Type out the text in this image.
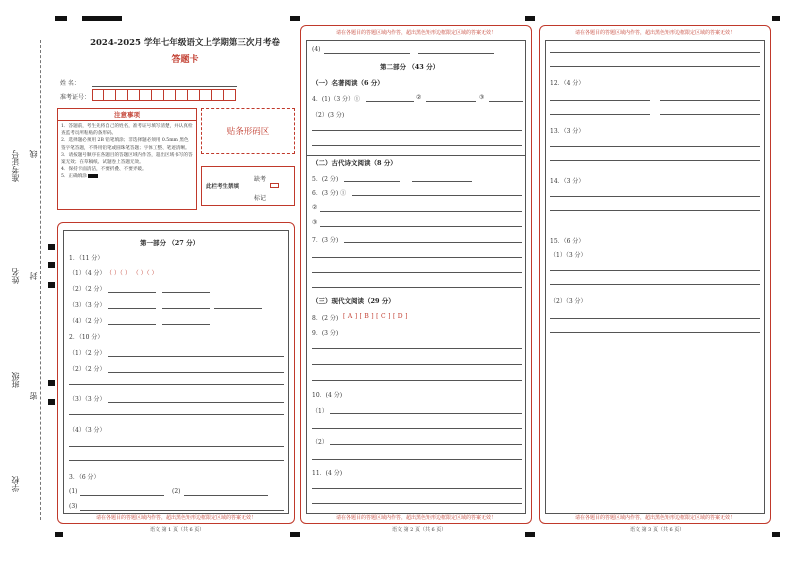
准考证号 线
姓名 封
班级
密
学校
2024-2025 学年七年级语文上学期第三次月考卷
答题卡
姓 名：
准考证号：
注意事项
1．答题前，考生先将自己的姓名，准考证号填写清楚，并认真检查监考员所粘贴的条形码。
2．选择题必须用 2B 铅笔填涂；非选择题必须用 0.5mm 黑色签字笔答题，不得用铅笔或圆珠笔答题；字体工整、笔迹清晰。
3．请按题号顺序在各题目的答题区域内作答，超出区域书写的答案无效；在草稿纸、试题卷上答题无效。
4．保持卡面清洁，不要折叠、不要弄破。
5．正确填涂
贴条形码区
此栏考生禁填
缺考
标记
请在各题目的答题区域内作答，超出黑色矩形边框限定区域的答案无效！
第一部分 （27 分）
1．（11 分）
（1）（4 分） （ ）（ ） （ ）（ ）
（2）（2 分）
（3）（3 分）
（4）（2 分）
2．（10 分）
（1）（2 分）
（2）（2 分）
（3）（3 分）
（4）（3 分）
3．（6 分）
(1)	(2)
(3)
语文 第 1 页（共 6 页）
请在各题目的答题区域内作答，超出黑色矩形边框限定区域的答案无效！
请在各题目的答题区域内作答，超出黑色矩形边框限定区域的答案无效！
(4)
第二部分 （43 分）
（一）名著阅读（6 分）
4．(1)（3 分）①	②	③
（2）(3 分)
（二）古代诗文阅读（8 分）
5．(2 分)
6．(3 分) ①
②
③
7．(3 分)
（三）现代文阅读（29 分）
8．(2 分) [ A ] [ B ] [ C ] [ D ]
9．(3 分)
10．(4 分)
（1）
（2）
11．(4 分)
语文 第 2 页（共 6 页）
请在各题目的答题区域内作答，超出黑色矩形边框限定区域的答案无效！
请在各题目的答题区域内作答，超出黑色矩形边框限定区域的答案无效！
12．（4 分）
13．（3 分）
14．（3 分）
15．（6 分）
（1）（3 分）
（2）（3 分）
语文 第 3 页（共 6 页）
